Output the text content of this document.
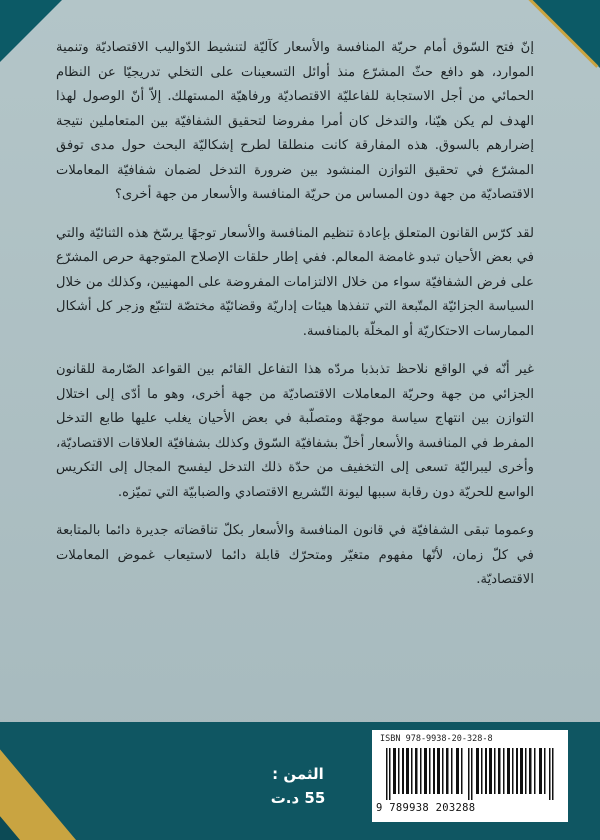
إنّ فتح السّوق أمام حريّة المنافسة والأسعار كآليّة لتنشيط الدّواليب الاقتصاديّة وتنمية الموارد، هو دافع حثّ المشرّع منذ أوائل التسعينات على التخلي تدريجيّا عن النظام الحمائي من أجل الاستجابة للفاعليّة الاقتصاديّة ورفاهيّة المستهلك. إلاّ أنّ الوصول لهذا الهدف لم يكن هيّنا، والتدخل كان أمرا مفروضا لتحقيق الشفافيّة بين المتعاملين نتيجة إضرارهم بالسوق. هذه المفارقة كانت منطلقا لطرح إشكاليّة البحث حول مدى توفق المشرّع في تحقيق التوازن المنشود بين ضرورة التدخل لضمان شفافيّة المعاملات الاقتصاديّة من جهة دون المساس من حريّة المنافسة والأسعار من جهة أخرى؟

لقد كرّس القانون المتعلق بإعادة تنظيم المنافسة والأسعار توجهًا يرسّخ هذه الثنائيّة والتي في بعض الأحيان تبدو غامضة المعالم. ففي إطار حلقات الإصلاح المتوجهة حرص المشرّع على فرض الشفافيّة سواء من خلال الالتزامات المفروضة على المهنيين، وكذلك من خلال السياسة الجزائيّة المتّبعة التي تنفذها هيئات إداريّة وقضائيّة مختصّة لتتبّع وزجر كل أشكال الممارسات الاحتكاريّة أو المخلّة بالمنافسة.

غير أنّه في الواقع نلاحظ تذبذبا مردّه هذا التفاعل القائم بين القواعد الصّارمة للقانون الجزائي من جهة وحريّة المعاملات الاقتصاديّة من جهة أخرى، وهو ما أدّى إلى اختلال التوازن بين انتهاج سياسة موجهّة ومتصلّبة في بعض الأحيان يغلب عليها طابع التدخل المفرط في المنافسة والأسعار أخلّ بشفافيّة السّوق وكذلك بشفافيّة العلاقات الاقتصاديّة، وأخرى ليبراليّة تسعى إلى التخفيف من حدّة ذلك التدخل ليفسح المجال إلى التكريس الواسع للحريّة دون رقابة سببها ليونة التّشريع الاقتصادي والضبابيّة التي تميّزه.

وعموما تبقى الشفافيّة في قانون المنافسة والأسعار بكلّ تناقضاته جديرة دائما بالمتابعة في كلّ زمان، لأنّها مفهوم متغيّر ومتحرّك قابلة دائما لاستيعاب غموض المعاملات الاقتصاديّة.

الثمن :
55 د.ت
ISBN 978-9938-20-328-8
9 789938 203288
